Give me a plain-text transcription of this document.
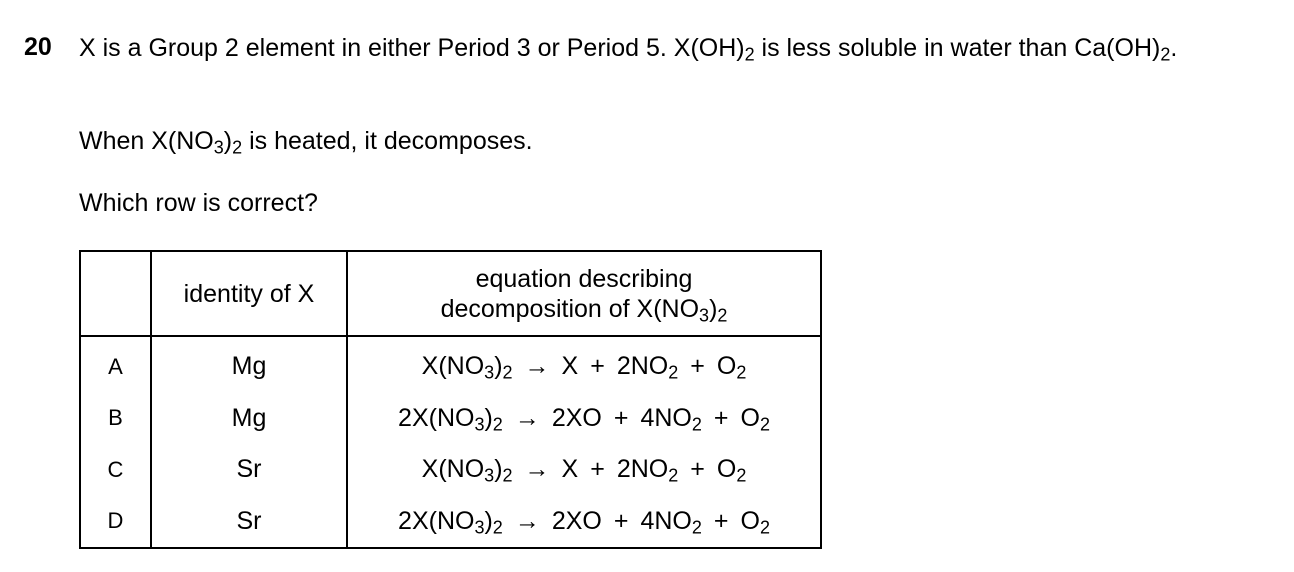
20 X is a Group 2 element in either Period 3 or Period 5. $X(OH)_2$ is less soluble in water than $Ca(OH)_2$.
When $X(NO_3)_2$ is heated, it decomposes.
Which row is correct?
	identity of X	equation describing
decomposition of $X(NO_3)_2$

A	Mg	$X(NO_3)_2 \to X + 2NO_2 + O_2$
B	Mg	$2X(NO_3)_2 \to 2XO + 4NO_2 + O_2$
C	Sr	$X(NO_3)_2 \to X + 2NO_2 + O_2$
D	Sr	$2X(NO_3)_2 \to 2XO + 4NO_2 + O_2$
